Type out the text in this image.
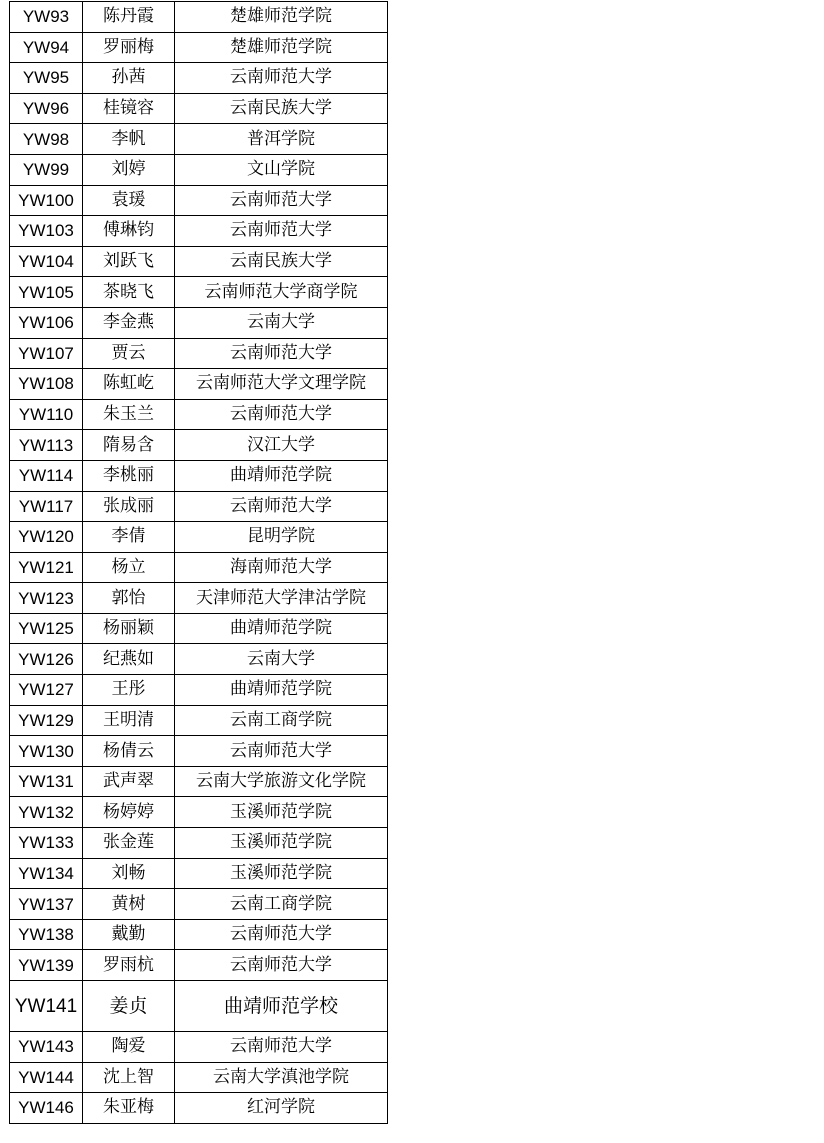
YW93	陈丹霞	楚雄师范学院
YW94	罗丽梅	楚雄师范学院
YW95	孙茜	云南师范大学
YW96	桂镜容	云南民族大学
YW98	李帆	普洱学院
YW99	刘婷	文山学院
YW100	袁瑗	云南师范大学
YW103	傅琳钧	云南师范大学
YW104	刘跃飞	云南民族大学
YW105	茶晓飞	云南师范大学商学院
YW106	李金燕	云南大学
YW107	贾云	云南师范大学
YW108	陈虹屹	云南师范大学文理学院
YW110	朱玉兰	云南师范大学
YW113	隋易含	汉江大学
YW114	李桃丽	曲靖师范学院
YW117	张成丽	云南师范大学
YW120	李倩	昆明学院
YW121	杨立	海南师范大学
YW123	郭怡	天津师范大学津沽学院
YW125	杨丽颖	曲靖师范学院
YW126	纪燕如	云南大学
YW127	王彤	曲靖师范学院
YW129	王明清	云南工商学院
YW130	杨倩云	云南师范大学
YW131	武声翠	云南大学旅游文化学院
YW132	杨婷婷	玉溪师范学院
YW133	张金莲	玉溪师范学院
YW134	刘畅	玉溪师范学院
YW137	黄树	云南工商学院
YW138	戴勤	云南师范大学
YW139	罗雨杭	云南师范大学
YW141	姜贞	曲靖师范学校
YW143	陶爱	云南师范大学
YW144	沈上智	云南大学滇池学院
YW146	朱亚梅	红河学院
